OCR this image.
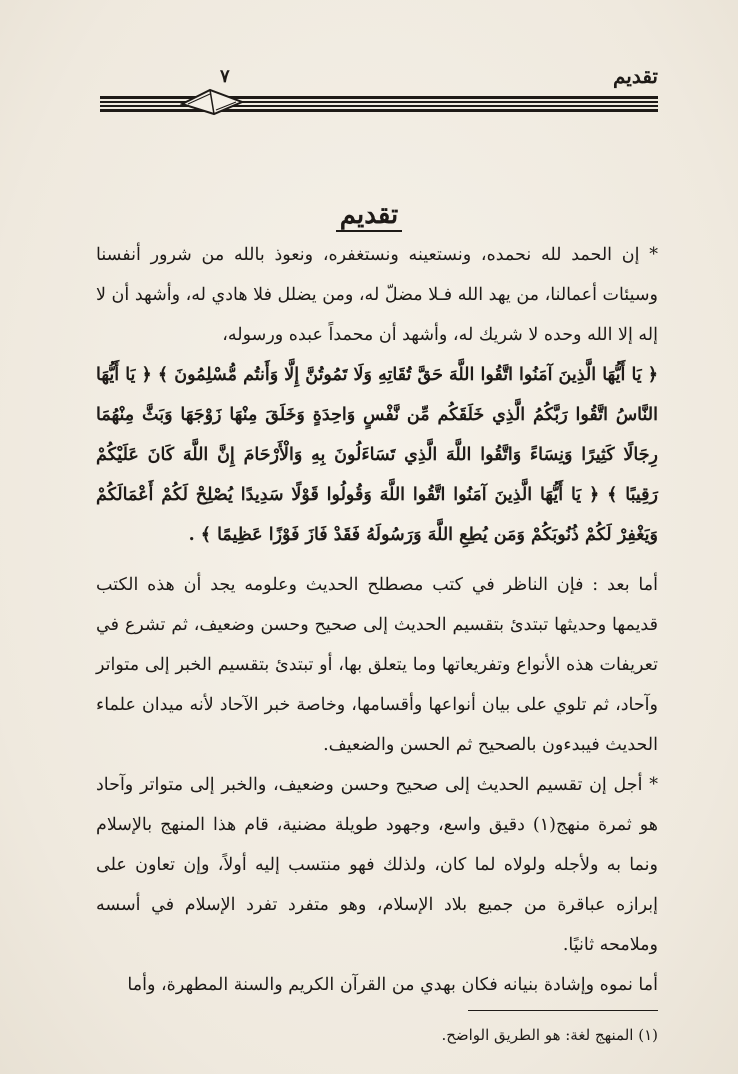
تقديم
٧
تقديم

* إن الحمد لله نحمده، ونستعينه ونستغفره، ونعوذ بالله من شرور أنفسنا وسيئات أعمالنا، من يهد الله فـلا مضلّ له، ومن يضلل فلا هادي له، وأشهد أن لا إله إلا الله وحده لا شريك له، وأشهد أن محمداً عبده ورسوله،

﴿ يَا أَيُّهَا الَّذِينَ آمَنُوا اتَّقُوا اللَّهَ حَقَّ تُقَاتِهِ وَلَا تَمُوتُنَّ إِلَّا وَأَنتُم مُّسْلِمُونَ ﴾ ﴿ يَا أَيُّهَا النَّاسُ اتَّقُوا رَبَّكُمُ الَّذِي خَلَقَكُم مِّن نَّفْسٍ وَاحِدَةٍ وَخَلَقَ مِنْهَا زَوْجَهَا وَبَثَّ مِنْهُمَا رِجَالًا كَثِيرًا وَنِسَاءً وَاتَّقُوا اللَّهَ الَّذِي تَسَاءَلُونَ بِهِ وَالْأَرْحَامَ إِنَّ اللَّهَ كَانَ عَلَيْكُمْ رَقِيبًا ﴾ ﴿ يَا أَيُّهَا الَّذِينَ آمَنُوا اتَّقُوا اللَّهَ وَقُولُوا قَوْلًا سَدِيدًا يُصْلِحْ لَكُمْ أَعْمَالَكُمْ وَيَغْفِرْ لَكُمْ ذُنُوبَكُمْ وَمَن يُطِعِ اللَّهَ وَرَسُولَهُ فَقَدْ فَازَ فَوْزًا عَظِيمًا ﴾ .

أما بعد : فإن الناظر في كتب مصطلح الحديث وعلومه يجد أن هذه الكتب قديمها وحديثها تبتدئ بتقسيم الحديث إلى صحيح وحسن وضعيف، ثم تشرع في تعريفات هذه الأنواع وتفريعاتها وما يتعلق بها، أو تبتدئ بتقسيم الخبر إلى متواتر وآحاد، ثم تلوي على بيان أنواعها وأقسامها، وخاصة خبر الآحاد لأنه ميدان علماء الحديث فيبدءون بالصحيح ثم الحسن والضعيف.

* أجل إن تقسيم الحديث إلى صحيح وحسن وضعيف، والخبر إلى متواتر وآحاد هو ثمرة منهج(١) دقيق واسع، وجهود طويلة مضنية، قام هذا المنهج بالإسلام ونما به ولأجله ولولاه لما كان، ولذلك فهو منتسب إليه أولاً، وإن تعاون على إبرازه عباقرة من جميع بلاد الإسلام، وهو متفرد تفرد الإسلام في أسسه وملامحه ثانيًا.

أما نموه وإشادة بنيانه فكان بهدي من القرآن الكريم والسنة المطهرة، وأما

(١) المنهج لغة: هو الطريق الواضح.
